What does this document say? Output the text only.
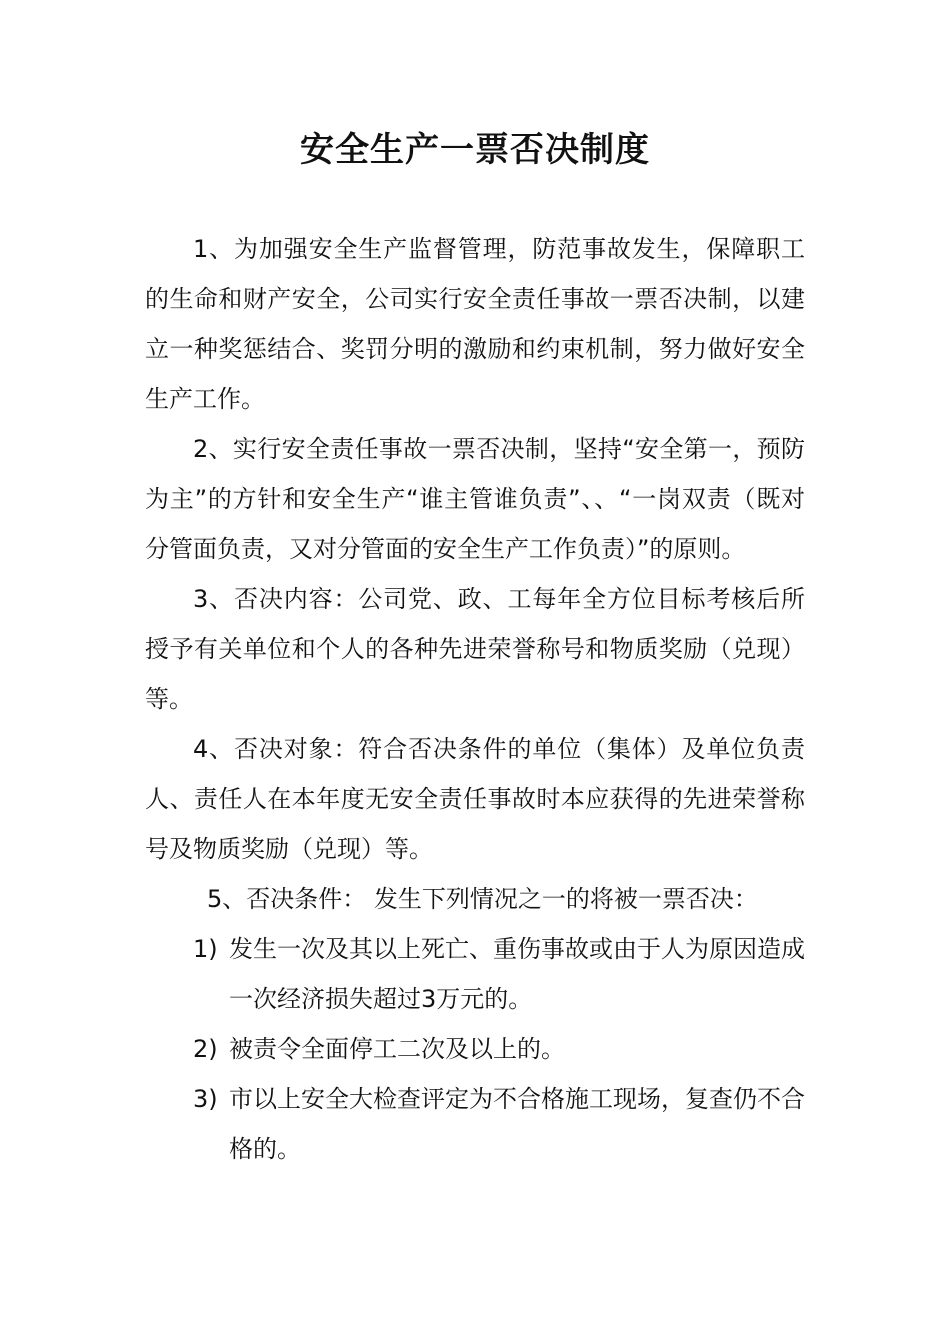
安全生产一票否决制度

1、为加强安全生产监督管理，防范事故发生，保障职工的生命和财产安全，公司实行安全责任事故一票否决制，以建立一种奖惩结合、奖罚分明的激励和约束机制，努力做好安全生产工作。

2、实行安全责任事故一票否决制，坚持“安全第一，预防为主”的方针和安全生产“谁主管谁负责”、、“一岗双责（既对分管面负责，又对分管面的安全生产工作负责）”的原则。

3、否决内容：公司党、政、工每年全方位目标考核后所授予有关单位和个人的各种先进荣誉称号和物质奖励（兑现）等。

4、否决对象：符合否决条件的单位（集体）及单位负责人、责任人在本年度无安全责任事故时本应获得的先进荣誉称号及物质奖励（兑现）等。

5、否决条件： 发生下列情况之一的将被一票否决：

1) 发生一次及其以上死亡、重伤事故或由于人为原因造成一次经济损失超过3万元的。

2) 被责令全面停工二次及以上的。

3) 市以上安全大检查评定为不合格施工现场，复查仍不合格的。
